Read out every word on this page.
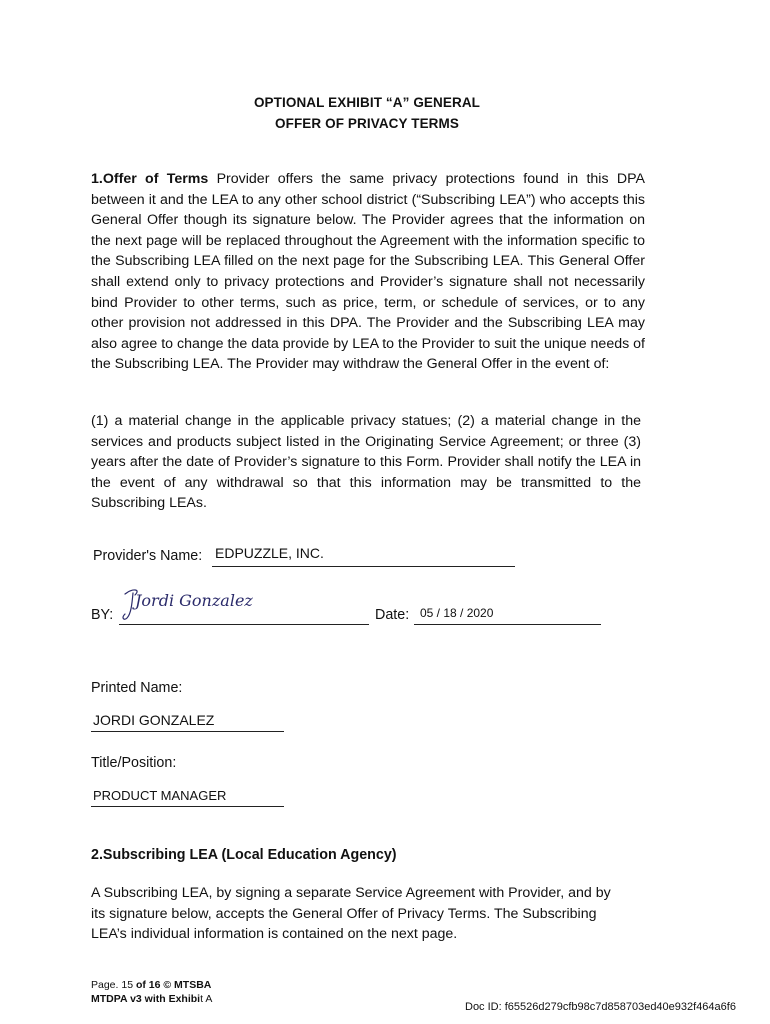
OPTIONAL EXHIBIT “A” GENERAL
OFFER OF PRIVACY TERMS
1.Offer of Terms Provider offers the same privacy protections found in this DPA between it and the LEA to any other school district (“Subscribing LEA”) who accepts this General Offer though its signature below. The Provider agrees that the information on the next page will be replaced throughout the Agreement with the information specific to the Subscribing LEA filled on the next page for the Subscribing LEA. This General Offer shall extend only to privacy protections and Provider’s signature shall not necessarily bind Provider to other terms, such as price, term, or schedule of services, or to any other provision not addressed in this DPA. The Provider and the Subscribing LEA may also agree to change the data provide by LEA to the Provider to suit the unique needs of the Subscribing LEA. The Provider may withdraw the General Offer in the event of:
(1) a material change in the applicable privacy statues; (2) a material change in the services and products subject listed in the Originating Service Agreement; or three (3) years after the date of Provider’s signature to this Form. Provider shall notify the LEA in the event of any withdrawal so that this information may be transmitted to the Subscribing LEAs.
Provider's Name: EDPUZZLE, INC.
BY:
Jordi Gonzalez
Date: 05 / 18 / 2020
Printed Name:
JORDI GONZALEZ
Title/Position:
PRODUCT MANAGER
2.Subscribing LEA (Local Education Agency)
A Subscribing LEA, by signing a separate Service Agreement with Provider, and by its signature below, accepts the General Offer of Privacy Terms. The Subscribing LEA’s individual information is contained on the next page.
Page. 15 of 16 © MTSBA
MTDPA v3 with Exhibit A
Doc ID: f65526d279cfb98c7d858703ed40e932f464a6f6
